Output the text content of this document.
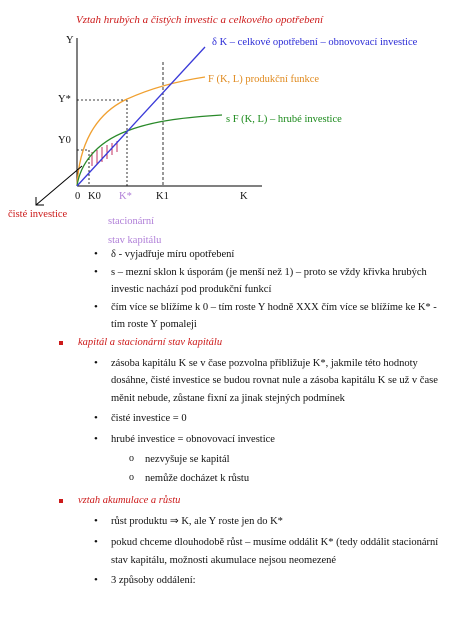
Vztah hrubých a čistých investic a celkového opotřebení
Y
Y*
Y0
0 K0 K* K1	K
δ K – celkové opotřebení – obnovovací investice
F (K, L) produkční funkce
s F (K, L) – hrubé investice
čisté investice
stacionární
stav kapitálu
• δ - vyjadřuje míru opotřebení
• s – mezní sklon k úsporám (je menší než 1) – proto se vždy křivka hrubých investic nachází pod produkční funkcí
• čím více se blížíme k 0 – tím roste Y hodně XXX čím více se blížíme ke K* - tím roste Y pomaleji
kapitál a stacionární stav kapitálu
• zásoba kapitálu K se v čase pozvolna přibližuje K*, jakmile této hodnoty dosáhne, čisté investice se budou rovnat nule a zásoba kapitálu K se už v čase měnit nebude, zůstane fixní za jinak stejných podmínek
• čisté investice = 0
• hrubé investice = obnovovací investice
o nezvyšuje se kapitál
o nemůže docházet k růstu
vztah akumulace a růstu
• růst produktu ⇒ K, ale Y roste jen do K*
• pokud chceme dlouhodobě růst – musíme oddálit K* (tedy oddálit stacionární stav kapitálu, možnosti akumulace nejsou neomezené
• 3 způsoby oddálení:
